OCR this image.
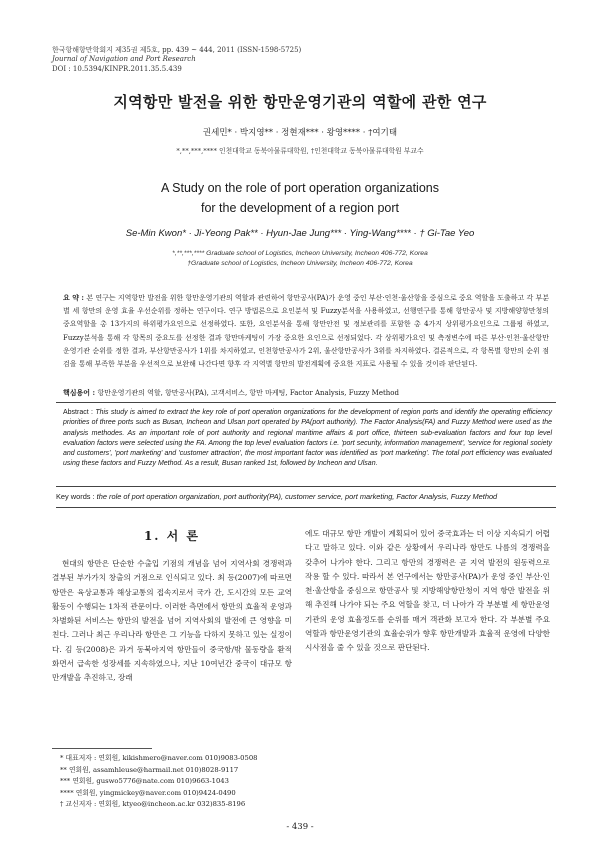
한국항해항만학회지 제35권 제5호, pp. 439 ~ 444, 2011 (ISSN-1598-5725)
Journal of Navigation and Port Research
DOI : 10.5394/KINPR.2011.35.5.439
지역항만 발전을 위한 항만운영기관의 역할에 관한 연구
권세민* · 박지영** · 정현재*** · 왕영**** · †여기태
*,**,***,**** 인천대학교 동북아물류대학원, †인천대학교 동북아물류대학원 부교수
A Study on the role of port operation organizations
for the development of a region port
Se-Min Kwon* · Ji-Yeong Pak** · Hyun-Jae Jung*** · Ying-Wang**** · † Gi-Tae Yeo
*,**,***,**** Graduate school of Logistics, Incheon University, Incheon 406-772, Korea
†Graduate school of Logistics, Incheon University, Incheon 406-772, Korea
요 약 : 본 연구는 지역항만 발전을 위한 항만운영기관의 역할과 관련하여 항만공사(PA)가 운영 중인 부산·인천·울산항을 중심으로 중요 역할을 도출하고 각 부분별 세 항만의 운영 효율 우선순위를 정하는 연구이다. 연구 방법론으로 요인분석 및 Fuzzy분석을 사용하였고, 선행연구를 통해 항만공사 및 지방해양항만청의 중요역할을 총 13가지의 하위평가요인으로 선정하였다. 또한, 요인분석을 통해 항만안전 및 정보관리를 포함한 총 4가지 상위평가요인으로 그룹핑 하였고, Fuzzy분석을 통해 각 항목의 중요도를 선정한 결과 항만마케팅이 가장 중요한 요인으로 선정되었다. 각 상위평가요인 및 측정변수에 따른 부산·인천·울산항만 운영기관 순위를 정한 결과, 부산항만공사가 1위를 차지하였고, 인천항만공사가 2위, 울산항만공사가 3위를 차지하였다. 결론적으로, 각 항목별 항만의 순위 점검을 통해 부족한 부분을 우선적으로 보완해 나간다면 향후 각 지역별 항만의 발전계획에 중요한 지표로 사용될 수 있을 것이라 판단된다.
핵심용어 : 항만운영기관의 역할, 항만공사(PA), 고객서비스, 항만 마케팅, Factor Analysis, Fuzzy Method
Abstract : This study is aimed to extract the key role of port operation organizations for the development of region ports and identify the operating efficiency priorities of three ports such as Busan, Incheon and Ulsan port operated by PA(port authority). The Factor Analysis(FA) and Fuzzy Method were used as the analysis methodes. As an important role of port authority and regional maritime affairs & port office, thirteen sub-evaluation factors and four top level evaluation factors were selected using the FA. Among the top level evaluation factors i.e. 'port security, information management', 'service for regional society and customers', 'port marketing' and 'customer attraction', the most important factor was identified as 'port marketing'. The total port efficiency was evaluated using these factors and Fuzzy Method. As a result, Busan ranked 1st, followed by Incheon and Ulsan.
Key words : the role of port operation organization, port authority(PA), customer service, port marketing, Factor Analysis, Fuzzy Method
1. 서 론
현대의 항만은 단순한 수출입 기점의 개념을 넘어 지역사회 경쟁력과 결부된 부가가치 창출의 거점으로 인식되고 있다. 최 등(2007)에 따르면 항만은 육상교통과 해상교통의 접속지로서 국가 간, 도시간의 모든 교역활동이 수행되는 1차적 관문이다. 이러한 측면에서 항만의 효율적 운영과 차별화된 서비스는 항만의 발전을 넘어 지역사회의 발전에 큰 영향을 미친다. 그러나 최근 우리나라 항만은 그 기능을 다하지 못하고 있는 실정이다. 김 등(2008)은 과거 동북아지역 항만들이 중국항/밖 물동량을 환적화면서 급속한 성장세를 지속하였으나, 지난 10여년간 중국이 대규모 항만개발을 추진하고, 장래
에도 대규모 항만 개발이 계획되어 있어 중국효과는 더 이상 지속되기 어렵다고 말하고 있다. 이와 같은 상황에서 우리나라 항만도 나름의 경쟁력을 갖추어 나가야 한다. 그리고 항만의 경쟁력은 곧 지역 발전의 원동력으로 작용 할 수 있다. 따라서 본 연구에서는 항만공사(PA)가 운영 중인 부산·인천·울산항을 중심으로 항만공사 및 지방해양항만청이 지역 항만 발전을 위해 추진해 나가야 되는 주요 역할을 찾고, 더 나아가 각 부분별 세 항만운영기관의 운영 효율정도를 순위를 매겨 객관화 보고자 한다. 각 부분별 주요역할과 항만운영기관의 효율순위가 향후 항만개발과 효율적 운영에 다양한 시사점을 줄 수 있을 것으로 판단된다.
* 대표저자 : 연회원, kikishmero@naver.com 010)9083-0508
** 연회원, assamhleuse@harmail.net 010)8028-9117
*** 연회원, guswo5776@nate.com 010)9663-1043
**** 연회원, yingmickey@naver.com 010)9424-0490
† 교신저자 : 연회원, ktyeo@incheon.ac.kr 032)835-8196
- 439 -
